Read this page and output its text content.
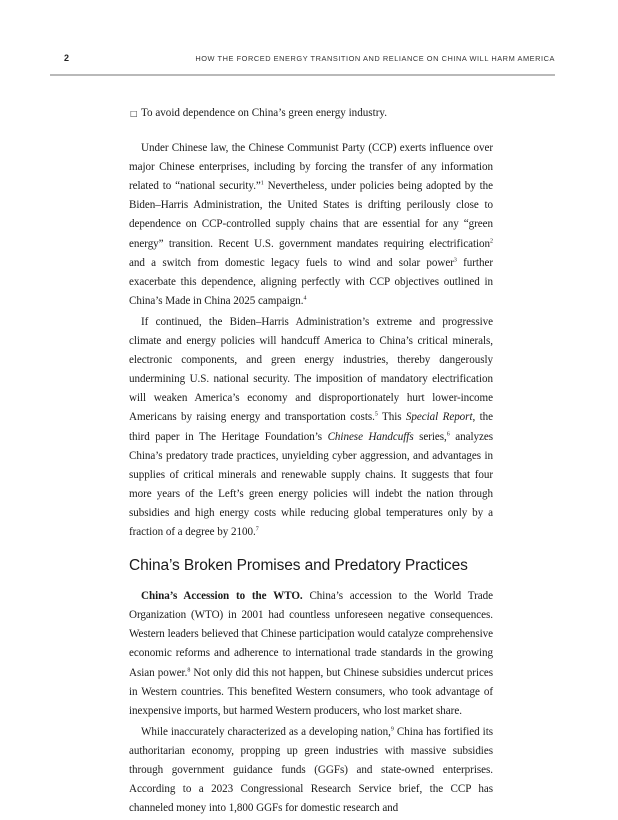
2	HOW THE FORCED ENERGY TRANSITION AND RELIANCE ON CHINA WILL HARM AMERICA
□ To avoid dependence on China’s green energy industry.

Under Chinese law, the Chinese Communist Party (CCP) exerts influence over major Chinese enterprises, including by forcing the transfer of any information related to “national security.”$^1$ Nevertheless, under policies being adopted by the Biden–Harris Administration, the United States is drifting perilously close to dependence on CCP-controlled supply chains that are essential for any “green energy” transition. Recent U.S. government mandates requiring electrification$^2$ and a switch from domestic legacy fuels to wind and solar power$^3$ further exacerbate this dependence, aligning perfectly with CCP objectives outlined in China’s Made in China 2025 campaign.$^4$

If continued, the Biden–Harris Administration’s extreme and progressive climate and energy policies will handcuff America to China’s critical minerals, electronic components, and green energy industries, thereby dangerously undermining U.S. national security. The imposition of mandatory electrification will weaken America’s economy and disproportionately hurt lower-income Americans by raising energy and transportation costs.$^5$ This Special Report, the third paper in The Heritage Foundation’s Chinese Handcuffs series,$^6$ analyzes China’s predatory trade practices, unyielding cyber aggression, and advantages in supplies of critical minerals and renewable supply chains. It suggests that four more years of the Left’s green energy policies will indebt the nation through subsidies and high energy costs while reducing global temperatures only by a fraction of a degree by 2100.$^7$

China’s Broken Promises and Predatory Practices

China’s Accession to the WTO. China’s accession to the World Trade Organization (WTO) in 2001 had countless unforeseen negative consequences. Western leaders believed that Chinese participation would catalyze comprehensive economic reforms and adherence to international trade standards in the growing Asian power.$^8$ Not only did this not happen, but Chinese subsidies undercut prices in Western countries. This benefited Western consumers, who took advantage of inexpensive imports, but harmed Western producers, who lost market share.

While inaccurately characterized as a developing nation,$^9$ China has fortified its authoritarian economy, propping up green industries with massive subsidies through government guidance funds (GGFs) and state-owned enterprises. According to a 2023 Congressional Research Service brief, the CCP has channeled money into 1,800 GGFs for domestic research and
